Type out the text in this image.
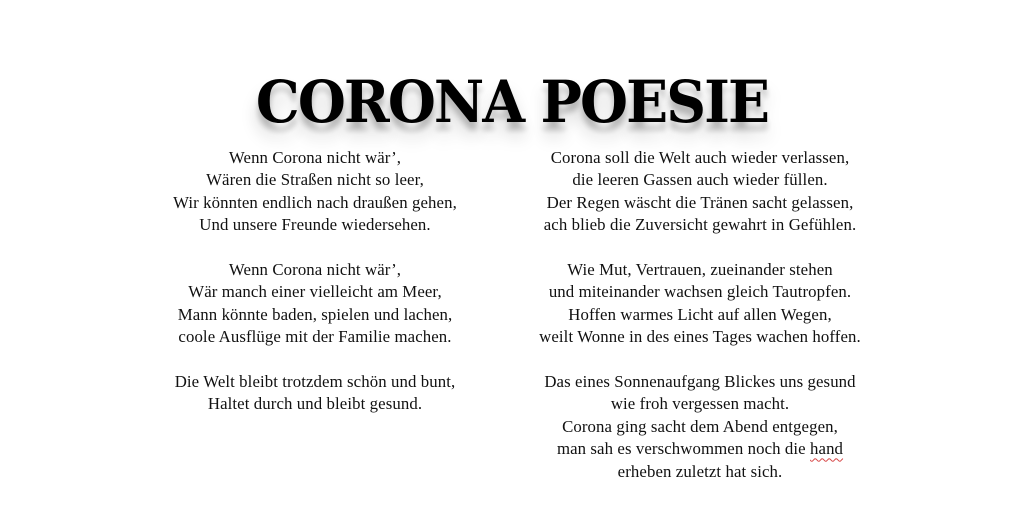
CORONA POESIE
Wenn Corona nicht wär’,
Wären die Straßen nicht so leer,
Wir könnten endlich nach draußen gehen,
Und unsere Freunde wiedersehen.
Wenn Corona nicht wär’,
Wär manch einer vielleicht am Meer,
Mann könnte baden, spielen und lachen,
coole Ausflüge mit der Familie machen.
Die Welt bleibt trotzdem schön und bunt,
Haltet durch und bleibt gesund.
Corona soll die Welt auch wieder verlassen,
die leeren Gassen auch wieder füllen.
Der Regen wäscht die Tränen sacht gelassen,
ach blieb die Zuversicht gewahrt in Gefühlen.
Wie Mut, Vertrauen, zueinander stehen
und miteinander wachsen gleich Tautropfen.
Hoffen warmes Licht auf allen Wegen,
weilt Wonne in des eines Tages wachen hoffen.
Das eines Sonnenaufgang Blickes uns gesund
wie froh vergessen macht.
Corona ging sacht dem Abend entgegen,
man sah es verschwommen noch die hand
erheben zuletzt hat sich.
